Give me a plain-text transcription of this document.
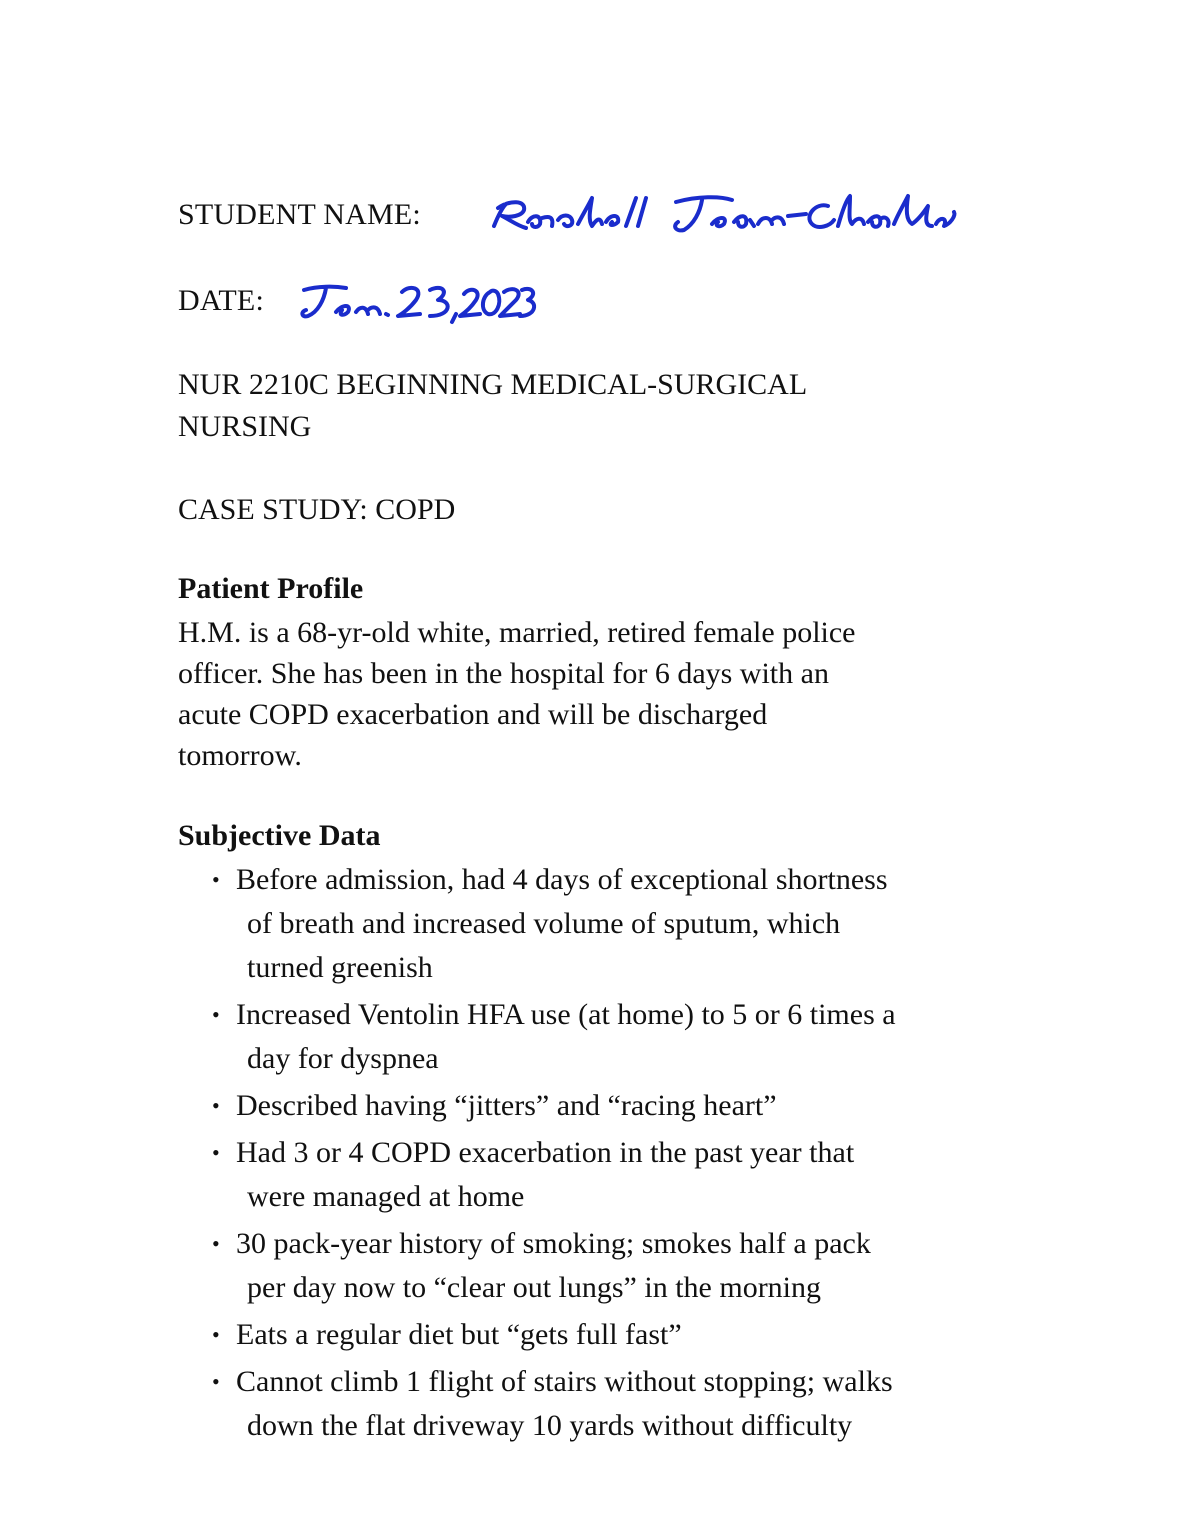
STUDENT NAME:
DATE:
NUR 2210C BEGINNING MEDICAL-SURGICAL
NURSING
CASE STUDY: COPD
Patient Profile
H.M. is a 68-yr-old white, married, retired female police
officer. She has been in the hospital for 6 days with an
acute COPD exacerbation and will be discharged
tomorrow.
Subjective Data
• Before admission, had 4 days of exceptional shortness
of breath and increased volume of sputum, which
turned greenish
• Increased Ventolin HFA use (at home) to 5 or 6 times a
day for dyspnea
• Described having “jitters” and “racing heart”
• Had 3 or 4 COPD exacerbation in the past year that
were managed at home
• 30 pack-year history of smoking; smokes half a pack
per day now to “clear out lungs” in the morning
• Eats a regular diet but “gets full fast”
• Cannot climb 1 flight of stairs without stopping; walks
down the flat driveway 10 yards without difficulty
